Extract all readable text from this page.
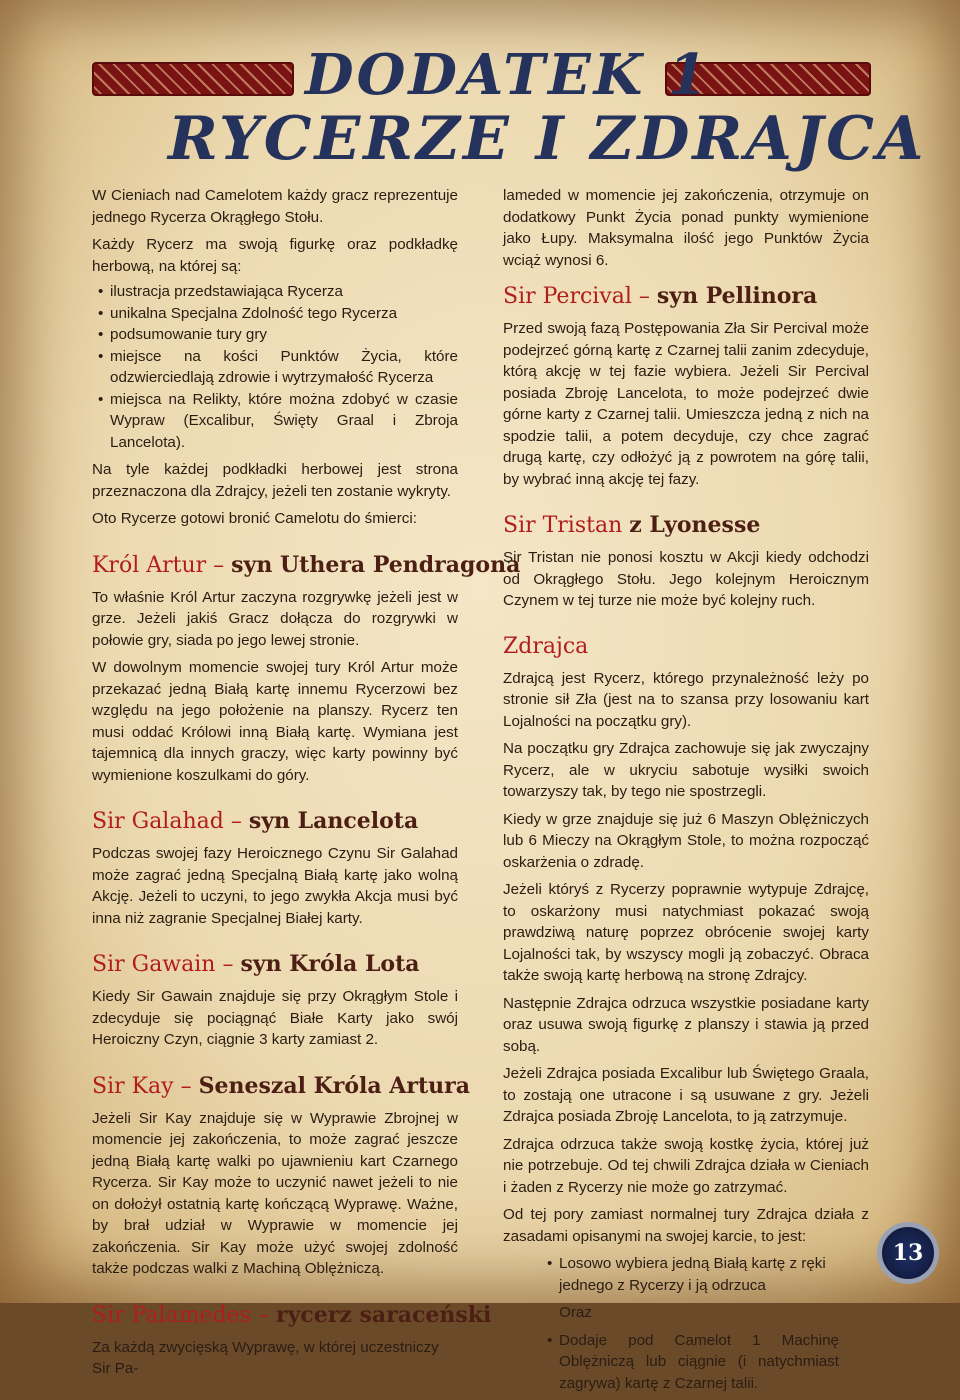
DODATEK 1
RYCERZE I ZDRAJCA

W Cieniach nad Camelotem każdy gracz reprezentuje jednego Rycerza Okrągłego Stołu.

Każdy Rycerz ma swoją figurkę oraz podkładkę herbową, na której są:

• ilustracja przedstawiająca Rycerza
• unikalna Specjalna Zdolność tego Rycerza
• podsumowanie tury gry
• miejsce na kości Punktów Życia, które odzwierciedlają zdrowie i wytrzymałość Rycerza
• miejsca na Relikty, które można zdobyć w czasie Wypraw (Excalibur, Święty Graal i Zbroja Lancelota).

Na tyle każdej podkładki herbowej jest strona przeznaczona dla Zdrajcy, jeżeli ten zostanie wykryty.

Oto Rycerze gotowi bronić Camelotu do śmierci:

Król Artur – syn Uthera Pendragona

To właśnie Król Artur zaczyna rozgrywkę jeżeli jest w grze. Jeżeli jakiś Gracz dołącza do rozgrywki w połowie gry, siada po jego lewej stronie.

W dowolnym momencie swojej tury Król Artur może przekazać jedną Białą kartę innemu Rycerzowi bez względu na jego położenie na planszy. Rycerz ten musi oddać Królowi inną Białą kartę. Wymiana jest tajemnicą dla innych graczy, więc karty powinny być wymienione koszulkami do góry.

Sir Galahad – syn Lancelota

Podczas swojej fazy Heroicznego Czynu Sir Galahad może zagrać jedną Specjalną Białą kartę jako wolną Akcję. Jeżeli to uczyni, to jego zwykła Akcja musi być inna niż zagranie Specjalnej Białej karty.

Sir Gawain – syn Króla Lota

Kiedy Sir Gawain znajduje się przy Okrągłym Stole i zdecyduje się pociągnąć Białe Karty jako swój Heroiczny Czyn, ciągnie 3 karty zamiast 2.

Sir Kay – Seneszal Króla Artura

Jeżeli Sir Kay znajduje się w Wyprawie Zbrojnej w momencie jej zakończenia, to może zagrać jeszcze jedną Białą kartę walki po ujawnieniu kart Czarnego Rycerza. Sir Kay może to uczynić nawet jeżeli to nie on dołożył ostatnią kartę kończącą Wyprawę. Ważne, by brał udział w Wyprawie w momencie jej zakończenia. Sir Kay może użyć swojej zdolność także podczas walki z Machiną Oblężniczą.

Sir Palamedes – rycerz saraceński

Za każdą zwycięską Wyprawę, w której uczestniczy Sir Pa-

lameded w momencie jej zakończenia, otrzymuje on dodatkowy Punkt Życia ponad punkty wymienione jako Łupy. Maksymalna ilość jego Punktów Życia wciąż wynosi 6.

Sir Percival – syn Pellinora

Przed swoją fazą Postępowania Zła Sir Percival może podejrzeć górną kartę z Czarnej talii zanim zdecyduje, którą akcję w tej fazie wybiera. Jeżeli Sir Percival posiada Zbroję Lancelota, to może podejrzeć dwie górne karty z Czarnej talii. Umieszcza jedną z nich na spodzie talii, a potem decyduje, czy chce zagrać drugą kartę, czy odłożyć ją z powrotem na górę talii, by wybrać inną akcję tej fazy.

Sir Tristan z Lyonesse

Sir Tristan nie ponosi kosztu w Akcji kiedy odchodzi od Okrągłego Stołu. Jego kolejnym Heroicznym Czynem w tej turze nie może być kolejny ruch.

Zdrajca

Zdrajcą jest Rycerz, którego przynależność leży po stronie sił Zła (jest na to szansa przy losowaniu kart Lojalności na początku gry).

Na początku gry Zdrajca zachowuje się jak zwyczajny Rycerz, ale w ukryciu sabotuje wysiłki swoich towarzyszy tak, by tego nie spostrzegli.

Kiedy w grze znajduje się już 6 Maszyn Oblężniczych lub 6 Mieczy na Okrągłym Stole, to można rozpocząć oskarżenia o zdradę.

Jeżeli któryś z Rycerzy poprawnie wytypuje Zdrajcę, to oskarżony musi natychmiast pokazać swoją prawdziwą naturę poprzez obrócenie swojej karty Lojalności tak, by wszyscy mogli ją zobaczyć. Obraca także swoją kartę herbową na stronę Zdrajcy.

Następnie Zdrajca odrzuca wszystkie posiadane karty oraz usuwa swoją figurkę z planszy i stawia ją przed sobą.

Jeżeli Zdrajca posiada Excalibur lub Świętego Graala, to zostają one utracone i są usuwane z gry. Jeżeli Zdrajca posiada Zbroję Lancelota, to ją zatrzymuje.

Zdrajca odrzuca także swoją kostkę życia, której już nie potrzebuje. Od tej chwili Zdrajca działa w Cieniach i żaden z Rycerzy nie może go zatrzymać.

Od tej pory zamiast normalnej tury Zdrajca działa z zasadami opisanymi na swojej karcie, to jest:

• Losowo wybiera jedną Białą kartę z ręki jednego z Rycerzy i ją odrzuca

Oraz

• Dodaje pod Camelot 1 Machinę Oblężniczą lub ciągnie (i natychmiast zagrywa) kartę z Czarnej talii.
13
